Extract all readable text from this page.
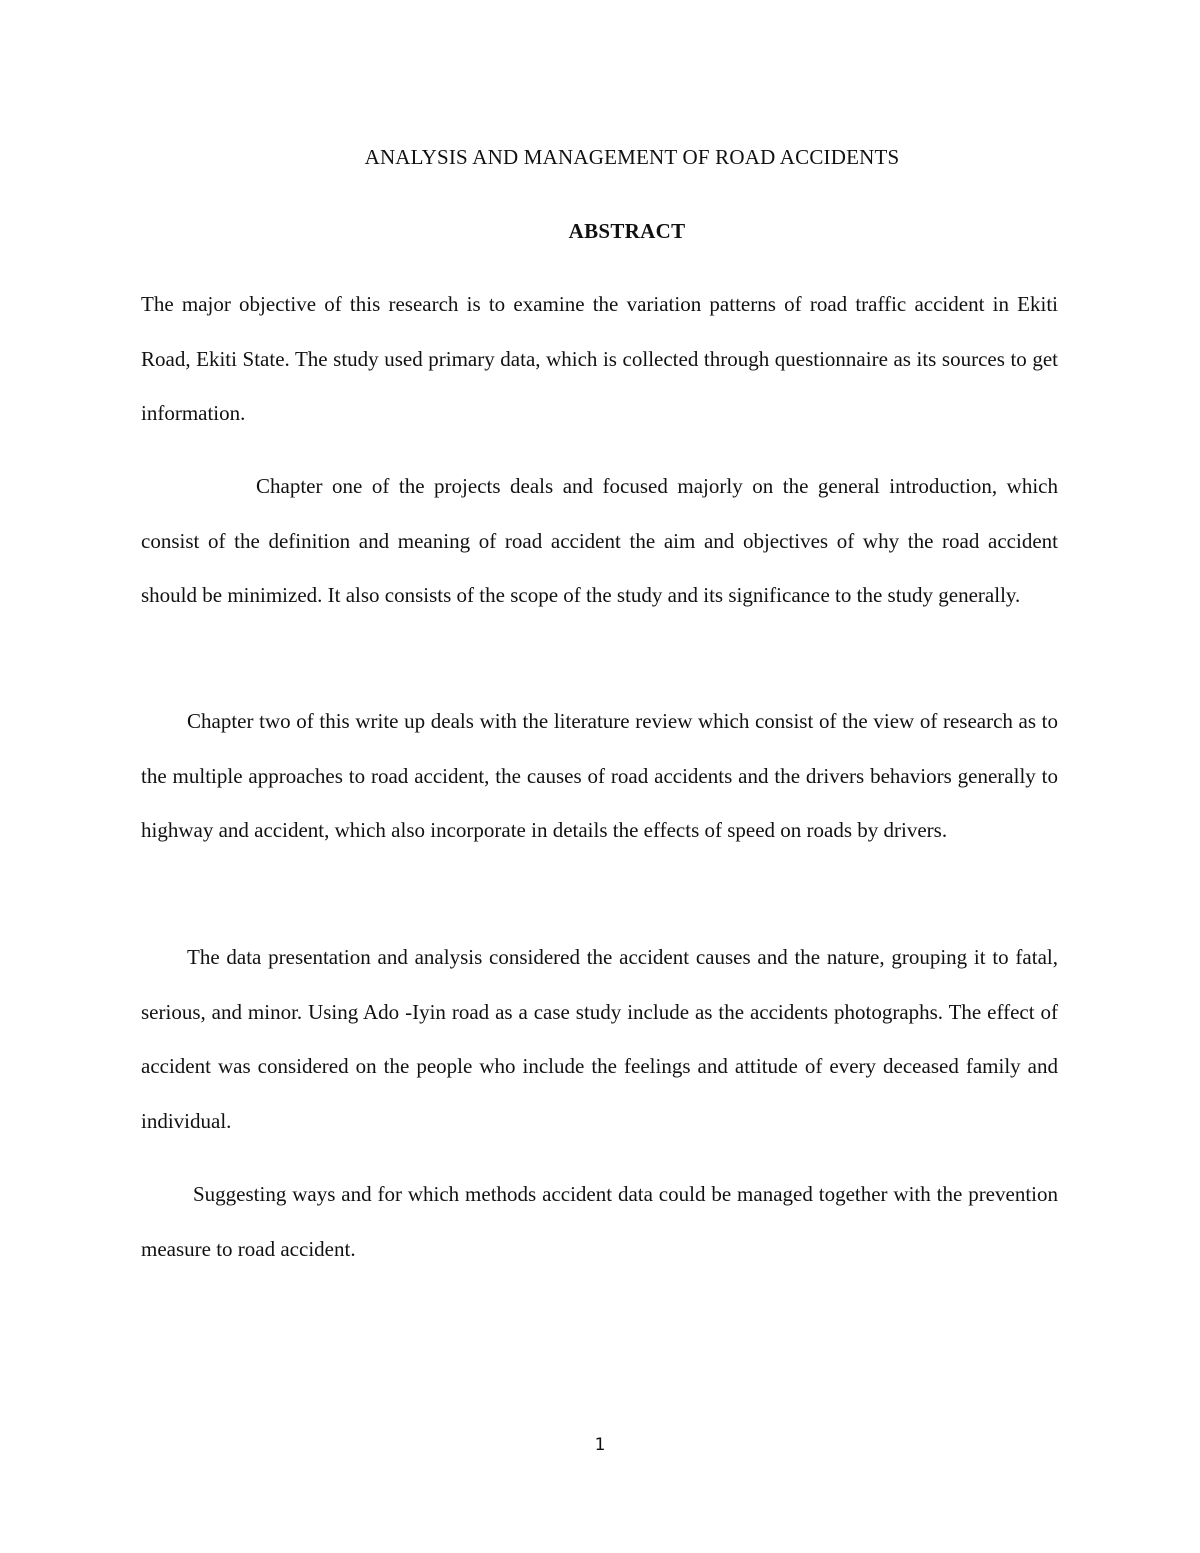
ANALYSIS AND MANAGEMENT OF ROAD ACCIDENTS
ABSTRACT

The major objective of this research is to examine the variation patterns of road traffic accident in Ekiti Road, Ekiti State. The study used primary data, which is collected through questionnaire as its sources to get information.

Chapter one of the projects deals and focused majorly on the general introduction, which consist of the definition and meaning of road accident the aim and objectives of why the road accident should be minimized. It also consists of the scope of the study and its significance to the study generally.

Chapter two of this write up deals with the literature review which consist of the view of research as to the multiple approaches to road accident, the causes of road accidents and the drivers behaviors generally to highway and accident, which also incorporate in details the effects of speed on roads by drivers.

The data presentation and analysis considered the accident causes and the nature, grouping it to fatal, serious, and minor. Using Ado -Iyin road as a case study include as the accidents photographs. The effect of accident was considered on the people who include the feelings and attitude of every deceased family and individual.

Suggesting ways and for which methods accident data could be managed together with the prevention measure to road accident.

1
